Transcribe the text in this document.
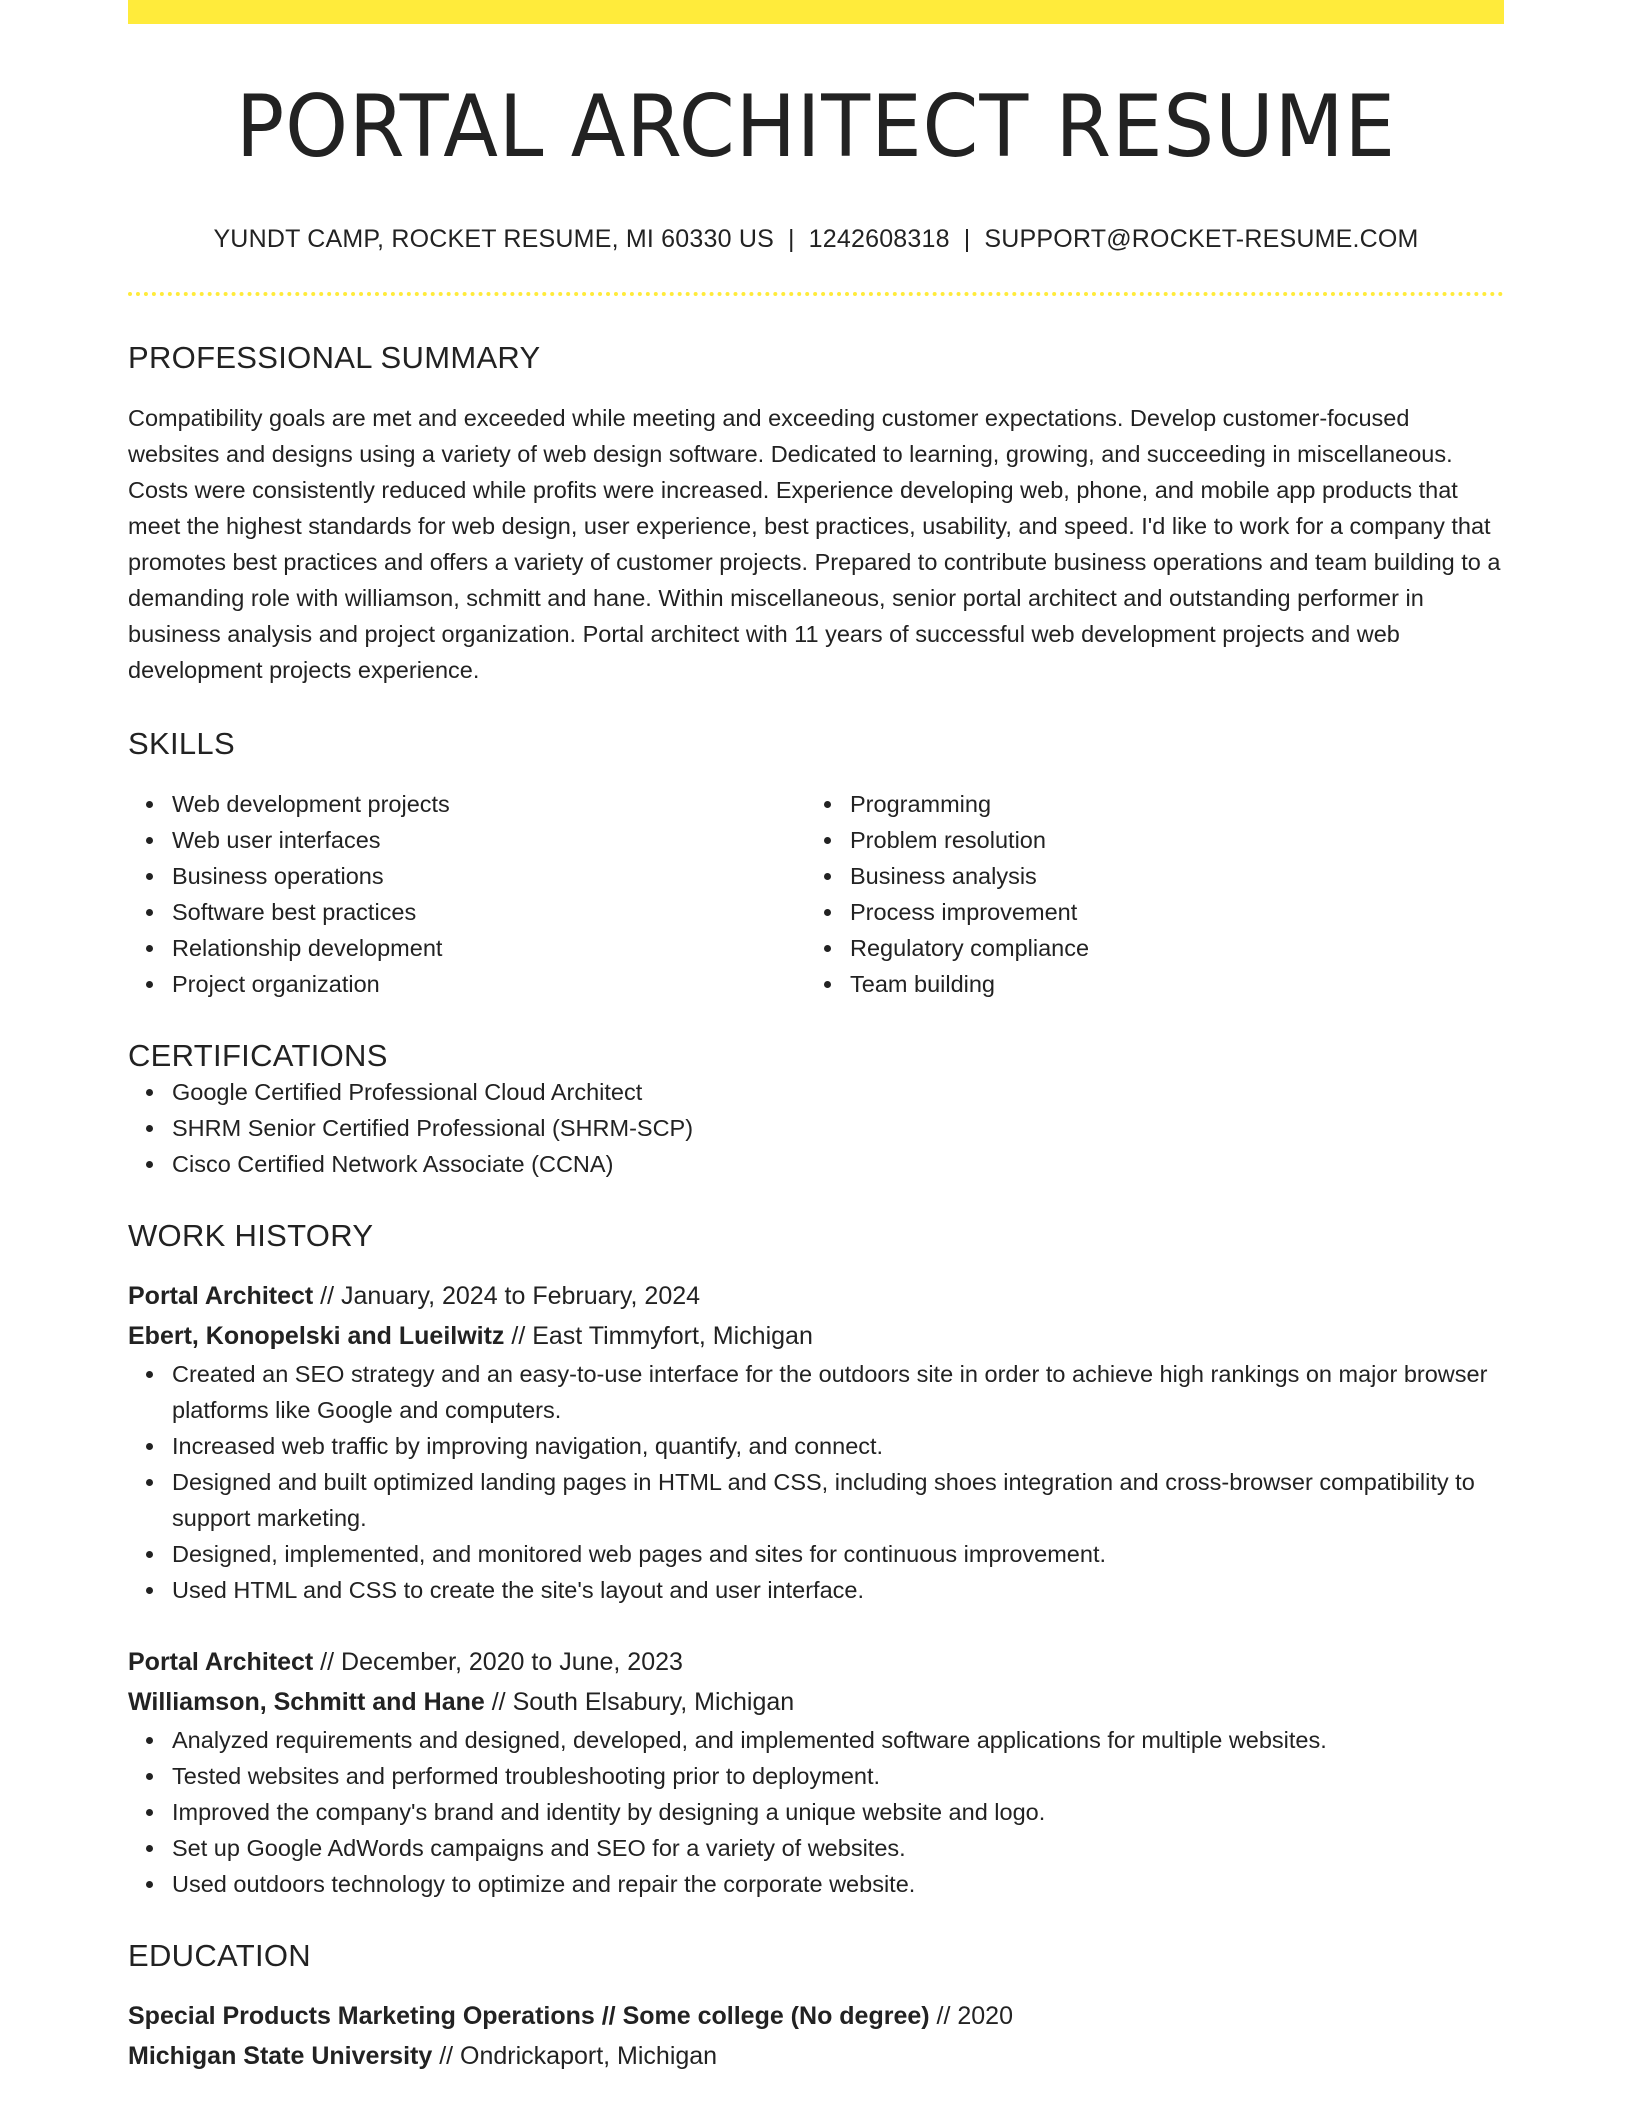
PORTAL ARCHITECT RESUME
YUNDT CAMP, ROCKET RESUME, MI 60330 US | 1242608318 | SUPPORT@ROCKET-RESUME.COM
PROFESSIONAL SUMMARY

Compatibility goals are met and exceeded while meeting and exceeding customer expectations. Develop customer-focused websites and designs using a variety of web design software. Dedicated to learning, growing, and succeeding in miscellaneous. Costs were consistently reduced while profits were increased. Experience developing web, phone, and mobile app products that meet the highest standards for web design, user experience, best practices, usability, and speed. I'd like to work for a company that promotes best practices and offers a variety of customer projects. Prepared to contribute business operations and team building to a demanding role with williamson, schmitt and hane. Within miscellaneous, senior portal architect and outstanding performer in business analysis and project organization. Portal architect with 11 years of successful web development projects and web development projects experience.

SKILLS
Web development projects
Web user interfaces
Business operations
Software best practices
Relationship development
Project organization
Programming
Problem resolution
Business analysis
Process improvement
Regulatory compliance
Team building
CERTIFICATIONS
Google Certified Professional Cloud Architect
SHRM Senior Certified Professional (SHRM-SCP)
Cisco Certified Network Associate (CCNA)
WORK HISTORY
Portal Architect // January, 2024 to February, 2024
Ebert, Konopelski and Lueilwitz // East Timmyfort, Michigan
Created an SEO strategy and an easy-to-use interface for the outdoors site in order to achieve high rankings on major browser platforms like Google and computers.
Increased web traffic by improving navigation, quantify, and connect.
Designed and built optimized landing pages in HTML and CSS, including shoes integration and cross-browser compatibility to support marketing.
Designed, implemented, and monitored web pages and sites for continuous improvement.
Used HTML and CSS to create the site's layout and user interface.
Portal Architect // December, 2020 to June, 2023
Williamson, Schmitt and Hane // South Elsabury, Michigan
Analyzed requirements and designed, developed, and implemented software applications for multiple websites.
Tested websites and performed troubleshooting prior to deployment.
Improved the company's brand and identity by designing a unique website and logo.
Set up Google AdWords campaigns and SEO for a variety of websites.
Used outdoors technology to optimize and repair the corporate website.
EDUCATION
Special Products Marketing Operations // Some college (No degree) // 2020
Michigan State University // Ondrickaport, Michigan
